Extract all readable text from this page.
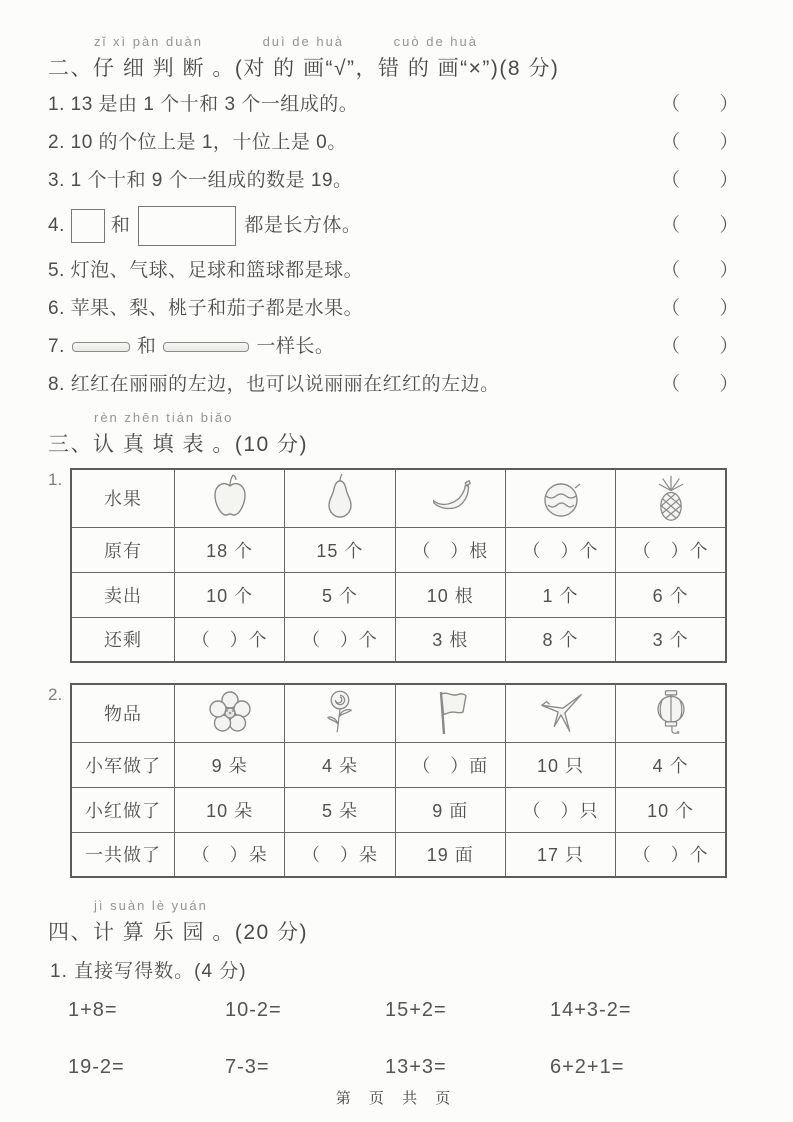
zǐ xì pàn duàn	duì de huà	cuò de huà
二、仔 细 判 断 。(对 的 画“√”，错 的 画“×”)(8 分)
1. 13 是由 1 个十和 3 个一组成的。	（　　）
2. 10 的个位上是 1，十位上是 0。	（　　）
3. 1 个十和 9 个一组成的数是 19。	（　　）
4. 和	都是长方体。	（　　）
5. 灯泡、气球、足球和篮球都是球。	（　　）
6. 苹果、梨、桃子和茄子都是水果。	（　　）
7.	和	一样长。	（　　）
8. 红红在丽丽的左边，也可以说丽丽在红红的左边。	（　　）
rèn zhēn tián biǎo
三、认 真 填 表 。(10 分)
1.
水果					
原有	18 个	15 个	（　）根	（　）个	（　）个
卖出	10 个	5 个	10 根	1 个	6 个
还剩	（　）个	（　）个	3 根	8 个	3 个
2.
物品					
小军做了	9 朵	4 朵	（　）面	10 只	4 个
小红做了	10 朵	5 朵	9 面	（　）只	10 个
一共做了	（　）朵	（　）朵	19 面	17 只	（　）个
jì suàn lè yuán
四、计 算 乐 园 。(20 分)
1. 直接写得数。(4 分)
1+8=	10-2=	15+2=	14+3-2=
19-2=	7-3=	13+3=	6+2+1=
第 页 共 页
